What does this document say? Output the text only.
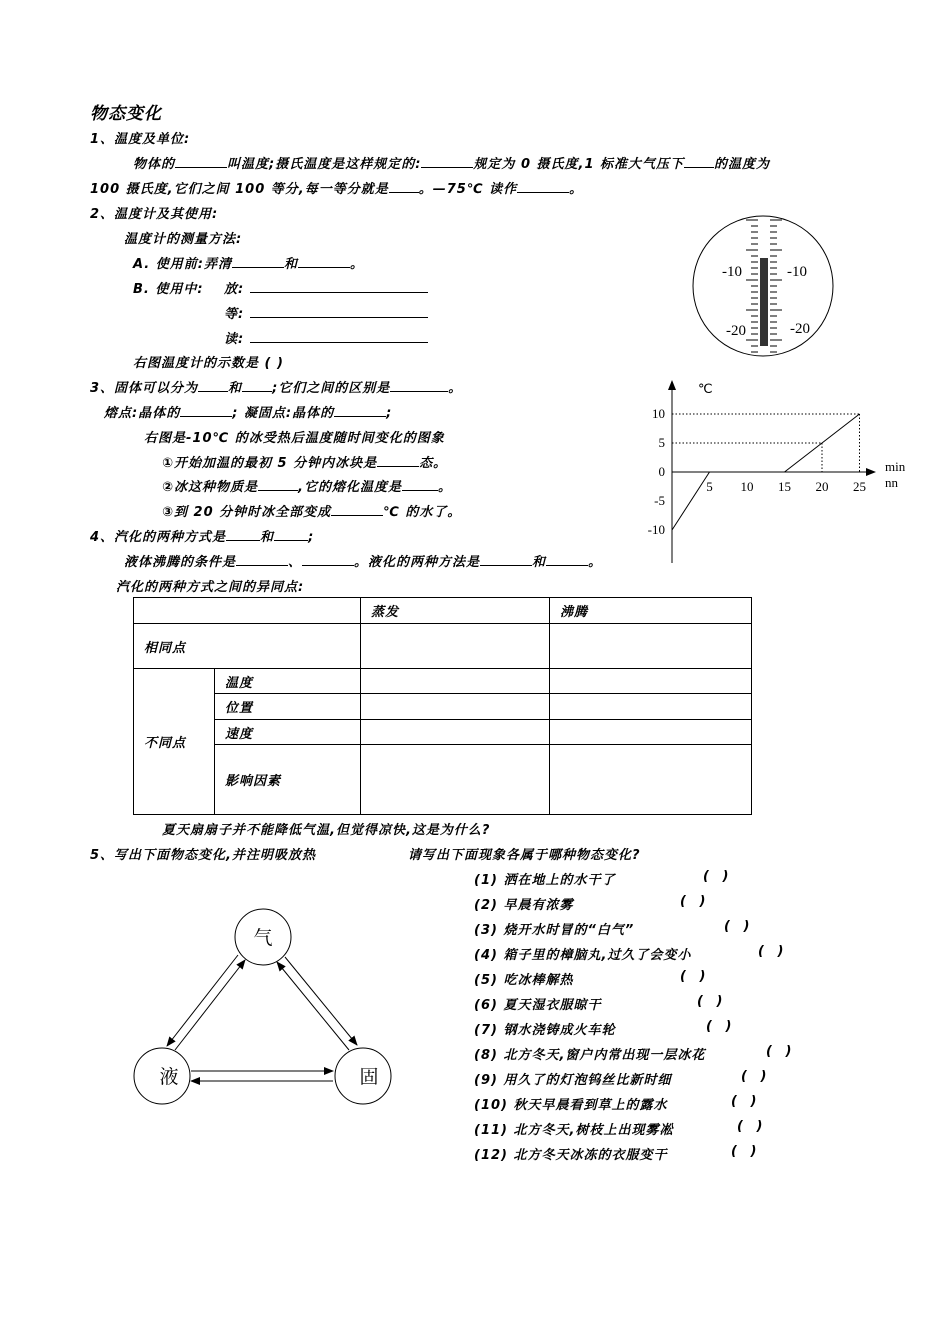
物态变化
1、温度及单位:
物体的	叫温度;摄氏温度是这样规定的:	规定为 0 摄氏度,1 标准大气压下 的温度为
100 摄氏度,它们之间 100 等分,每一等分就是 。—75℃ 读作	。
2、温度计及其使用:
温度计的测量方法:
A. 使用前:弄清	和	。
B. 使用中: 放:
等:
读:
右图温度计的示数是 ( )
-10
-20
-10
-20
3、固体可以分为 和 ;它们之间的区别是	。
熔点:晶体的	; 凝固点:晶体的	;
右图是-10℃ 的冰受热后温度随时间变化的图象
①开始加温的最初 5 分钟内冰块是	态。
②冰这种物质是	,它的熔化温度是	。
③到 20 分钟时冰全部变成	℃ 的水了。
℃
min
nn
5 10 15 20 25
10
5
0
-5
-10
4、汽化的两种方式是	和	;
液体沸腾的条件是	、	。液化的两种方法是	和	。
汽化的两种方式之间的异同点:
		蒸发	沸腾
相同点			
不同点	温度		
	位置		
	速度		
	影响因素		
夏天扇扇子并不能降低气温,但觉得凉快,这是为什么?
5、写出下面物态变化,并注明吸放热	请写出下面现象各属于哪种物态变化?
气
液	固
(1) 洒在地上的水干了	(   )
(2) 早晨有浓雾	(   )
(3) 烧开水时冒的“白气”	(   )
(4) 箱子里的樟脑丸,过久了会变小	(   )
(5) 吃冰棒解热	(   )
(6) 夏天湿衣服晾干	(   )
(7) 钢水浇铸成火车轮	(   )
(8) 北方冬天,窗户内常出现一层冰花	(   )
(9) 用久了的灯泡钨丝比新时细	(   )
(10) 秋天早晨看到草上的露水	(   )
(11) 北方冬天,树枝上出现雾凇	(   )
(12) 北方冬天冰冻的衣服变干	(   )
